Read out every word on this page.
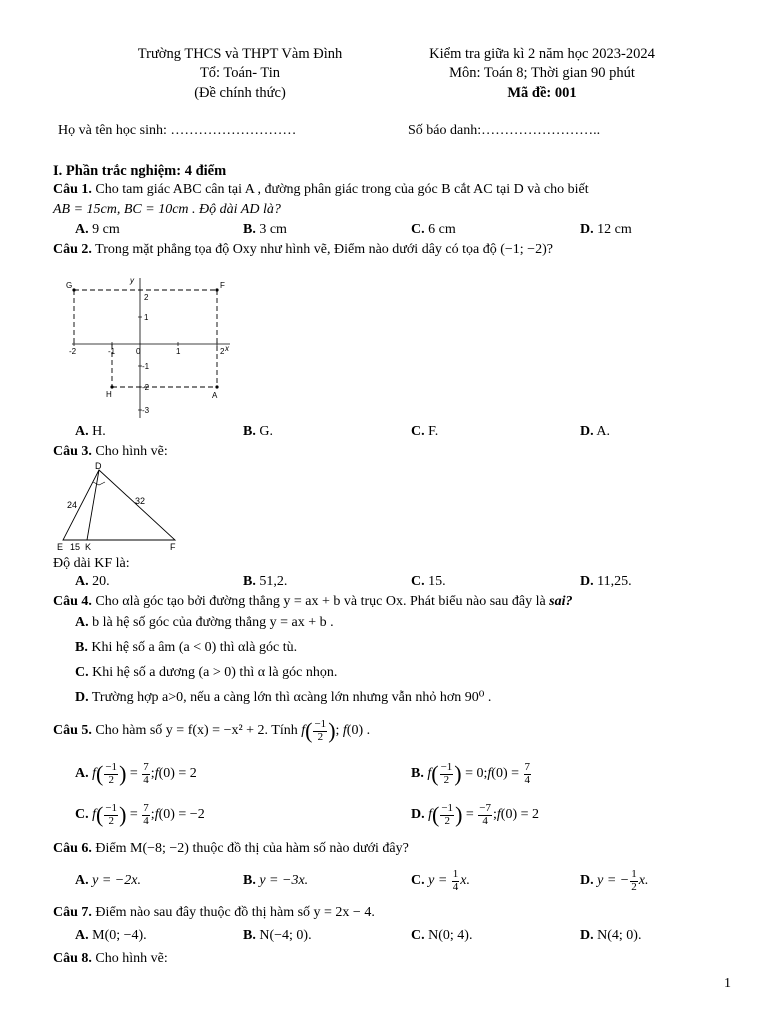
Trường THCS và THPT Vàm Đình
Tổ: Toán- Tin
(Đề chính thức)
Kiểm tra giữa kì 2 năm học 2023-2024
Môn: Toán 8; Thời gian 90 phút
Mã đề: 001
Họ và tên học sinh: ………………………	Số báo danh:……………………..
I. Phần trắc nghiệm: 4 điểm
Câu 1. Cho tam giác ABC cân tại A , đường phân giác trong của góc B cắt AC tại D và cho biết
AB = 15cm, BC = 10cm . Độ dài AD là?
A. 9 cm	B. 3 cm	C. 6 cm	D. 12 cm
Câu 2. Trong mặt phẳng tọa độ Oxy như hình vẽ, Điểm nào dưới dây có tọa độ (−1; −2)?
G	F
H	A
y
x
-2	-1	0	1	2
2
1
-1
-2
-3
A. H.	B. G.	C. F.	D. A.
Câu 3. Cho hình vẽ:
D
E K	F
24	32
15
Độ dài KF là:
A. 20.	B. 51,2.	C. 15.	D. 11,25.
Câu 4. Cho αlà góc tạo bởi đường thẳng y = ax + b và trục Ox. Phát biểu nào sau đây là sai?
A. b là hệ số góc của đường thẳng y = ax + b .
B. Khi hệ số a âm (a < 0) thì αlà góc tù.
C. Khi hệ số a dương (a > 0) thì α là góc nhọn.
D. Trường hợp a>0, nếu a càng lớn thì αcàng lớn nhưng vẫn nhỏ hơn 90⁰ .
Câu 5.
Cho hàm số y = f(x) = −x² + 2. Tính
f ( $\frac{-1}{2}$ ) ; f (0) .
A.
f ( $\frac{-1}{2}$ ) = $\frac{7}{4}$ ; f (0) = 2	B.
f ( $\frac{-1}{2}$ ) = 0; f $(0) = \frac{7}{4}$
C.
f ( $\frac{-1}{2}$ ) = $\frac{7}{4}$ ; f (0) = −2	D.
f ( $\frac{-1}{2}$ ) = $\frac{-7}{4}$ ; f (0) = 2
Câu 6. Điểm M(−8; −2) thuộc đồ thị của hàm số nào dưới đây?
A.
y = −2x.	B.
y = −3x.	C.
$y = \frac{1}{4} x$.	D.
y = − $\frac{1}{2} x$.
Câu 7. Điểm nào sau đây thuộc đồ thị hàm số y = 2x − 4.
A. M(0; −4).	B. N(−4; 0).	C. N(0; 4).	D. N(4; 0).
Câu 8. Cho hình vẽ:
1
